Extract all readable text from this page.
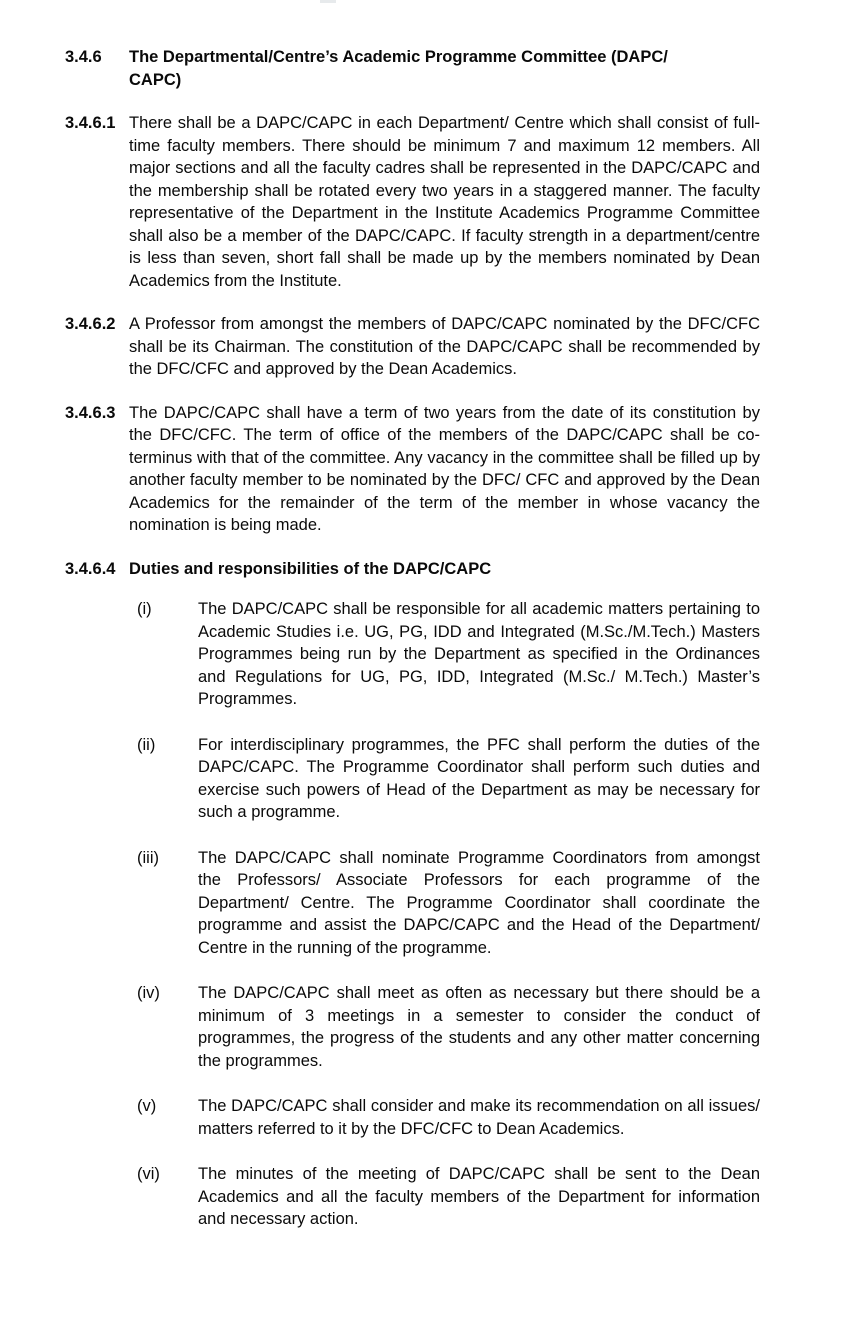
3.4.6	The Departmental/Centre’s Academic Programme Committee (DAPC/
CAPC)
3.4.6.1 There shall be a DAPC/CAPC in each Department/ Centre which shall consist of full-time faculty members. There should be minimum 7 and maximum 12 members. All major sections and all the faculty cadres shall be represented in the DAPC/CAPC and the membership shall be rotated every two years in a staggered manner. The faculty representative of the Department in the Institute Academics Programme Committee shall also be a member of the DAPC/CAPC. If faculty strength in a department/centre is less than seven, short fall shall be made up by the members nominated by Dean Academics from the Institute.
3.4.6.2 A Professor from amongst the members of DAPC/CAPC nominated by the DFC/CFC shall be its Chairman. The constitution of the DAPC/CAPC shall be recommended by the DFC/CFC and approved by the Dean Academics.
3.4.6.3 The DAPC/CAPC shall have a term of two years from the date of its constitution by the DFC/CFC. The term of office of the members of the DAPC/CAPC shall be co-terminus with that of the committee. Any vacancy in the committee shall be filled up by another faculty member to be nominated by the DFC/ CFC and approved by the Dean Academics for the remainder of the term of the member in whose vacancy the nomination is being made.
3.4.6.4 Duties and responsibilities of the DAPC/CAPC
(i)	The DAPC/CAPC shall be responsible for all academic matters pertaining to Academic Studies i.e. UG, PG, IDD and Integrated (M.Sc./M.Tech.) Masters Programmes being run by the Department as specified in the Ordinances and Regulations for UG, PG, IDD, Integrated (M.Sc./ M.Tech.) Master’s Programmes.
(ii)	For interdisciplinary programmes, the PFC shall perform the duties of the DAPC/CAPC. The Programme Coordinator shall perform such duties and exercise such powers of Head of the Department as may be necessary for such a programme.
(iii)	The DAPC/CAPC shall nominate Programme Coordinators from amongst the Professors/ Associate Professors for each programme of the Department/ Centre. The Programme Coordinator shall coordinate the programme and assist the DAPC/CAPC and the Head of the Department/ Centre in the running of the programme.
(iv)	The DAPC/CAPC shall meet as often as necessary but there should be a minimum of 3 meetings in a semester to consider the conduct of programmes, the progress of the students and any other matter concerning the programmes.
(v)	The DAPC/CAPC shall consider and make its recommendation on all issues/ matters referred to it by the DFC/CFC to Dean Academics.
(vi)	The minutes of the meeting of DAPC/CAPC shall be sent to the Dean Academics and all the faculty members of the Department for information and necessary action.
